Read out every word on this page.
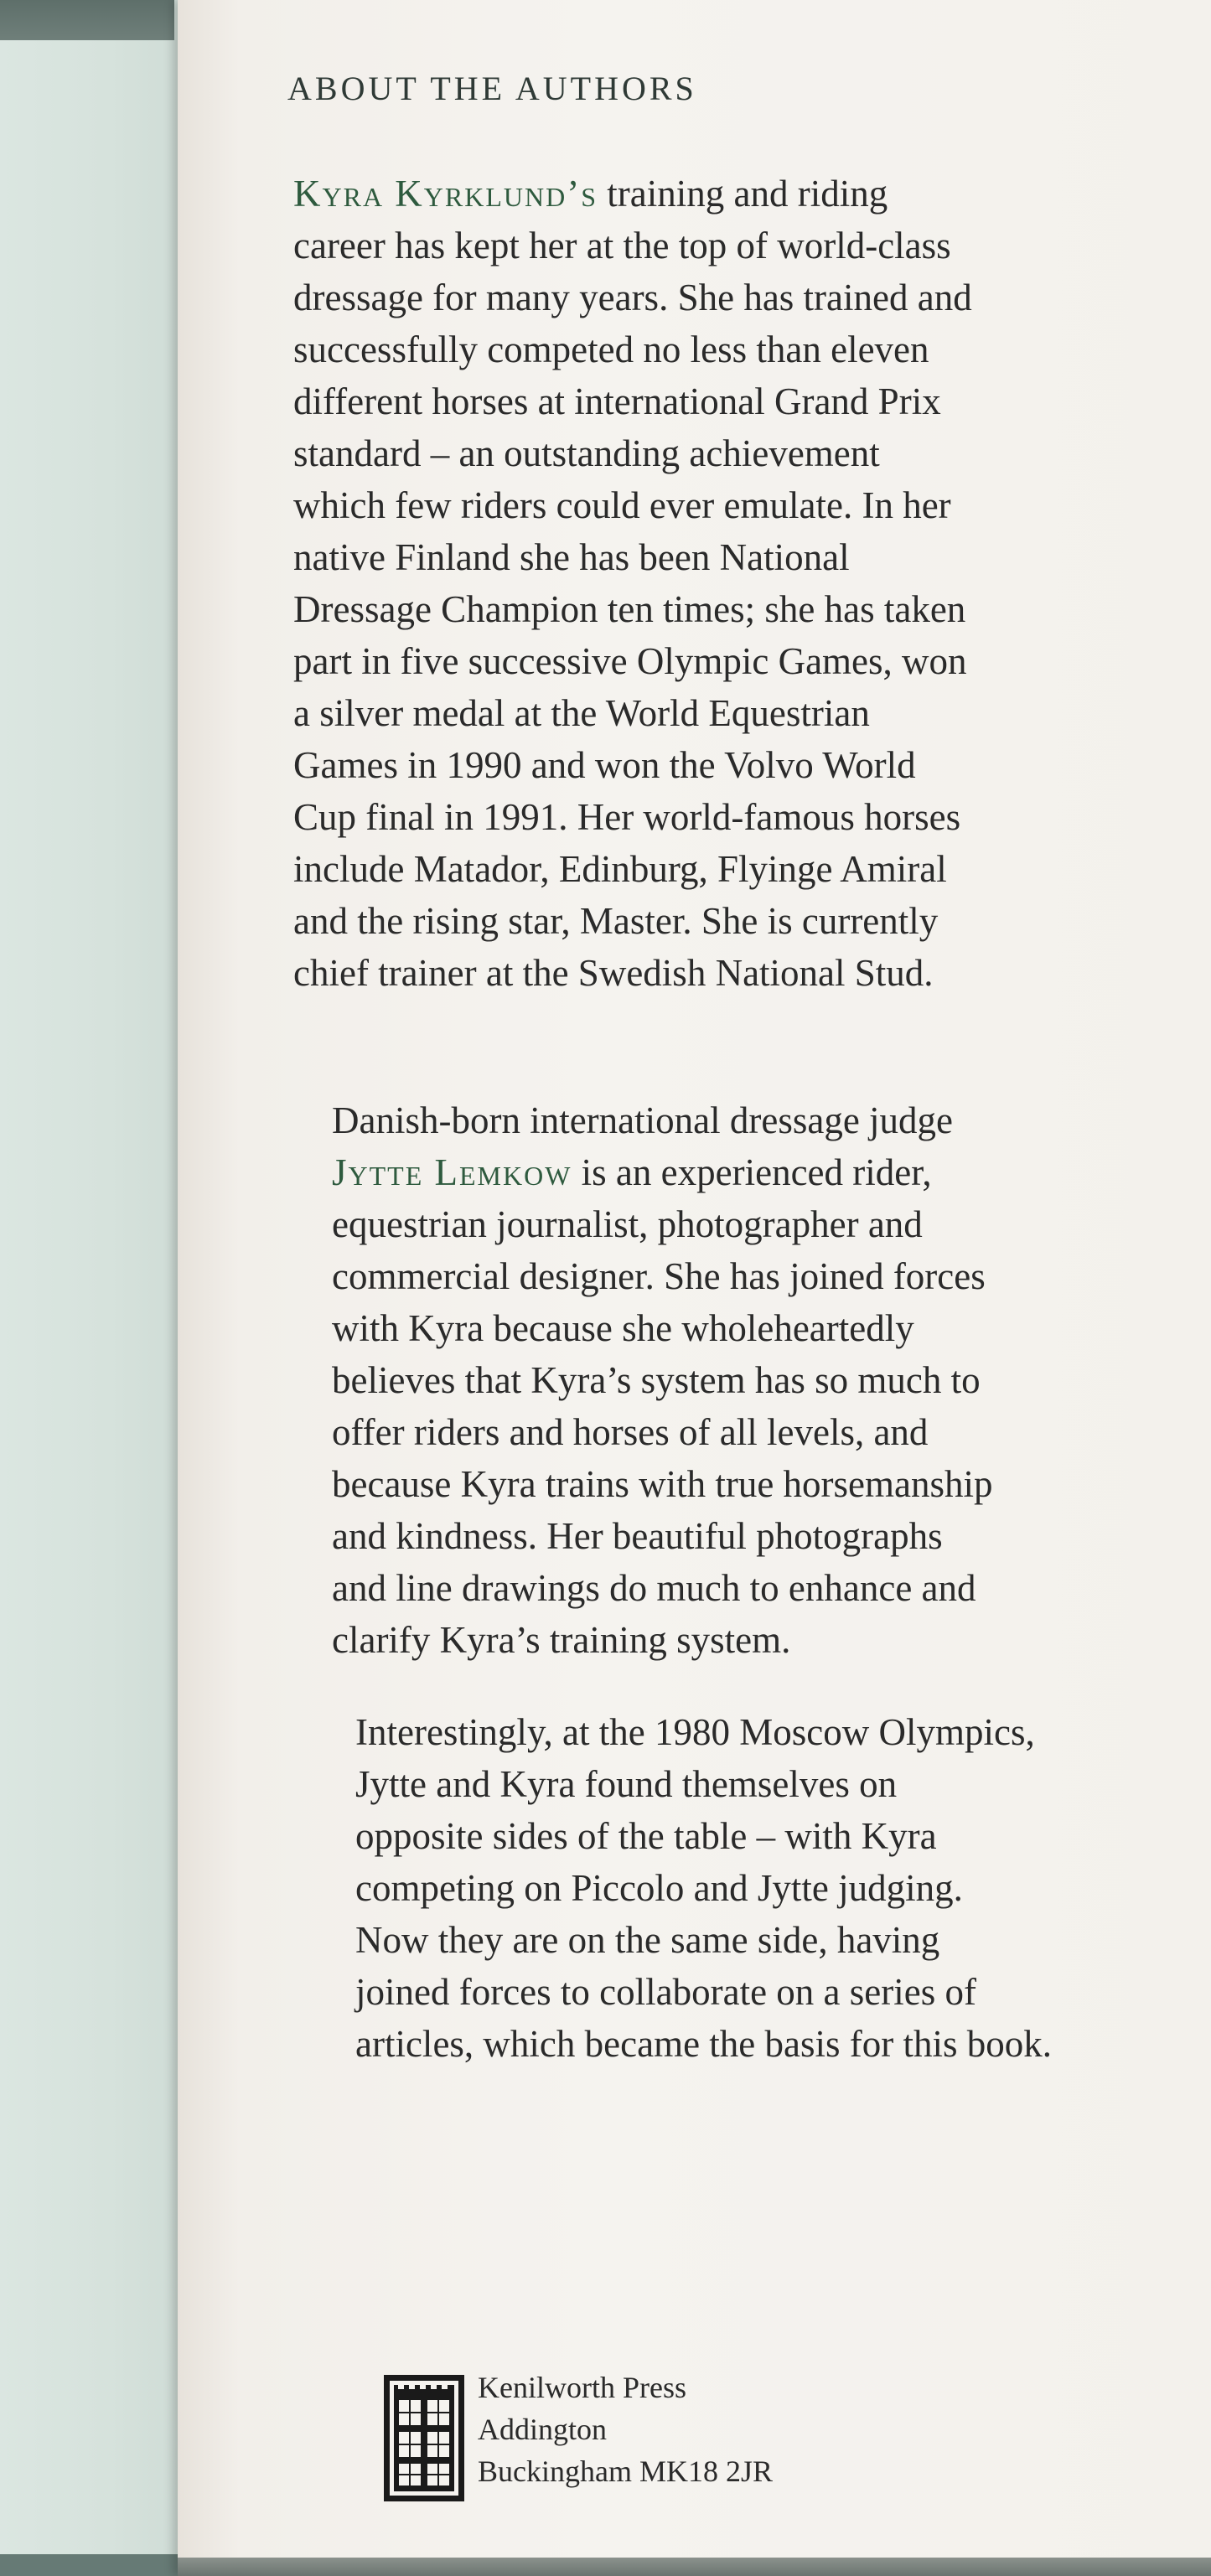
ABOUT THE AUTHORS

Kyra Kyrklund’s training and riding
career has kept her at the top of world-class
dressage for many years. She has trained and
successfully competed no less than eleven
different horses at international Grand Prix
standard – an outstanding achievement
which few riders could ever emulate. In her
native Finland she has been National
Dressage Champion ten times; she has taken
part in five successive Olympic Games, won
a silver medal at the World Equestrian
Games in 1990 and won the Volvo World
Cup final in 1991. Her world-famous horses
include Matador, Edinburg, Flyinge Amiral
and the rising star, Master. She is currently
chief trainer at the Swedish National Stud.

Danish-born international dressage judge
Jytte Lemkow is an experienced rider,
equestrian journalist, photographer and
commercial designer. She has joined forces
with Kyra because she wholeheartedly
believes that Kyra’s system has so much to
offer riders and horses of all levels, and
because Kyra trains with true horsemanship
and kindness. Her beautiful photographs
and line drawings do much to enhance and
clarify Kyra’s training system.

Interestingly, at the 1980 Moscow Olympics,
Jytte and Kyra found themselves on
opposite sides of the table – with Kyra
competing on Piccolo and Jytte judging.
Now they are on the same side, having
joined forces to collaborate on a series of
articles, which became the basis for this book.

Kenilworth Press
Addington
Buckingham MK18 2JR
